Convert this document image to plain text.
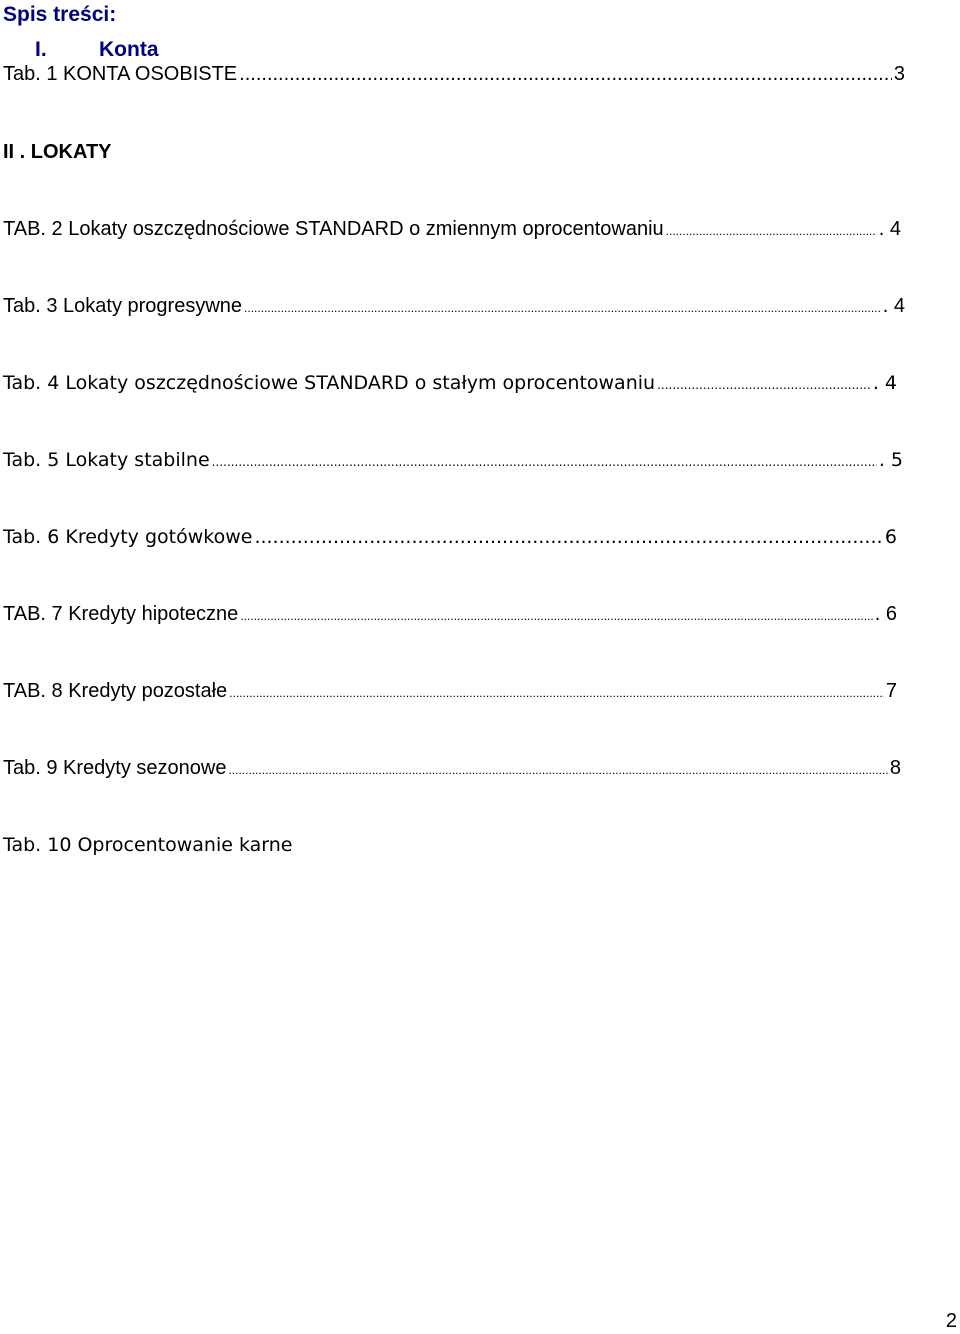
Spis treści:
I. Konta
Tab. 1 KONTA OSOBISTE .....	3
II . LOKATY
TAB. 2 Lokaty oszczędnościowe STANDARD o zmiennym oprocentowaniu .....	. 4
Tab. 3 Lokaty progresywne .....	. 4
Tab. 4 Lokaty oszczędnościowe STANDARD o stałym oprocentowaniu .....	. 4
Tab. 5 Lokaty stabilne .....	. 5
Tab. 6 Kredyty gotówkowe .....	6
TAB. 7 Kredyty hipoteczne .....	. 6
TAB. 8 Kredyty pozostałe .....	7
Tab. 9 Kredyty sezonowe .....	8
Tab. 10 Oprocentowanie karne
2
